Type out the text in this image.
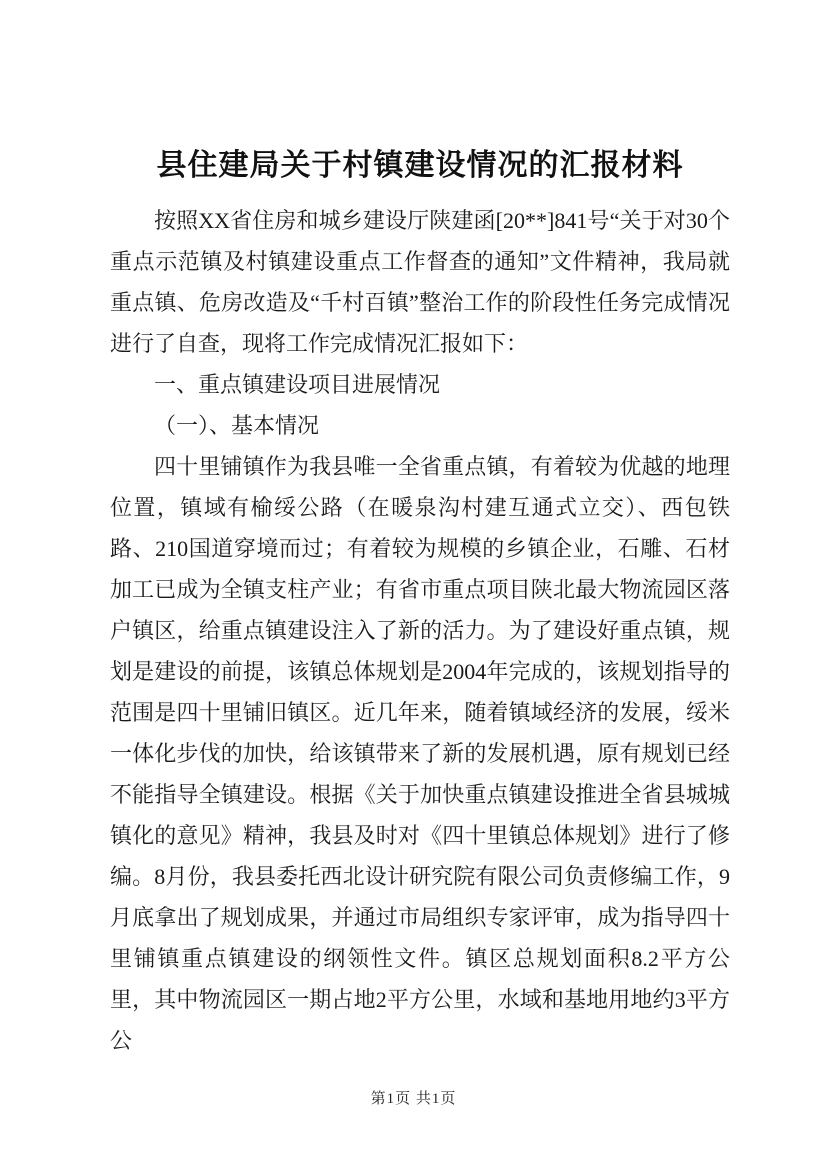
县住建局关于村镇建设情况的汇报材料

按照XX省住房和城乡建设厅陕建函[20**]841号“关于对30个重点示范镇及村镇建设重点工作督查的通知”文件精神，我局就重点镇、危房改造及“千村百镇”整治工作的阶段性任务完成情况进行了自查，现将工作完成情况汇报如下：

一、重点镇建设项目进展情况

（一）、基本情况

四十里铺镇作为我县唯一全省重点镇，有着较为优越的地理位置，镇域有榆绥公路（在暖泉沟村建互通式立交）、西包铁路、210国道穿境而过；有着较为规模的乡镇企业，石雕、石材加工已成为全镇支柱产业；有省市重点项目陕北最大物流园区落户镇区，给重点镇建设注入了新的活力。为了建设好重点镇，规划是建设的前提，该镇总体规划是2004年完成的，该规划指导的范围是四十里铺旧镇区。近几年来，随着镇域经济的发展，绥米一体化步伐的加快，给该镇带来了新的发展机遇，原有规划已经不能指导全镇建设。根据《关于加快重点镇建设推进全省县城城镇化的意见》精神，我县及时对《四十里镇总体规划》进行了修编。8月份，我县委托西北设计研究院有限公司负责修编工作，9月底拿出了规划成果，并通过市局组织专家评审，成为指导四十里铺镇重点镇建设的纲领性文件。镇区总规划面积8.2平方公里，其中物流园区一期占地2平方公里，水域和基地用地约3平方公

第1页 共1页
